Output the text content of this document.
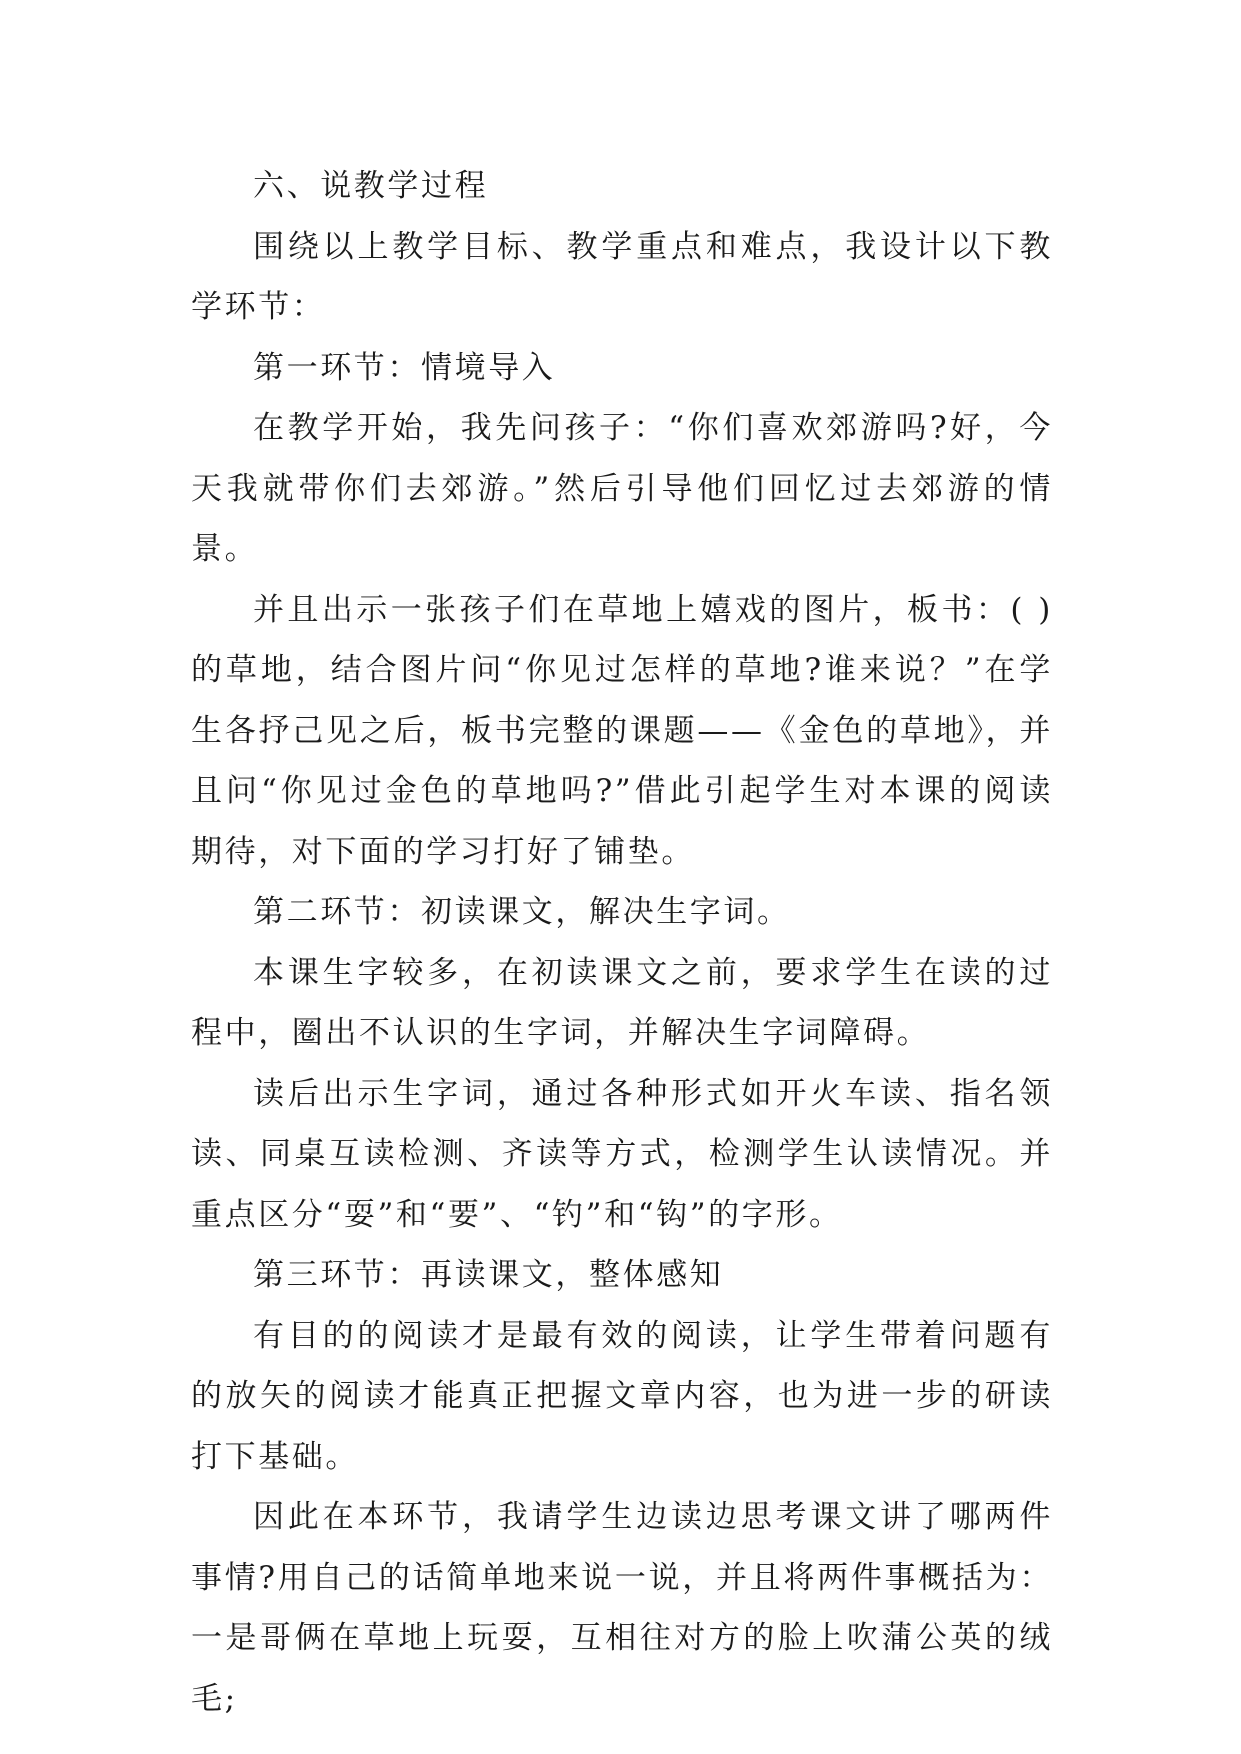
六、说教学过程

围绕以上教学目标、教学重点和难点，我设计以下教学环节：

第一环节：情境导入

在教学开始，我先问孩子：“你们喜欢郊游吗?好，今天我就带你们去郊游。”然后引导他们回忆过去郊游的情景。

并且出示一张孩子们在草地上嬉戏的图片，板书：( )的草地，结合图片问“你见过怎样的草地?谁来说？”在学生各抒己见之后，板书完整的课题——《金色的草地》，并且问“你见过金色的草地吗?”借此引起学生对本课的阅读期待，对下面的学习打好了铺垫。

第二环节：初读课文，解决生字词。

本课生字较多，在初读课文之前，要求学生在读的过程中，圈出不认识的生字词，并解决生字词障碍。

读后出示生字词，通过各种形式如开火车读、指名领读、同桌互读检测、齐读等方式，检测学生认读情况。并重点区分“耍”和“要”、“钓”和“钩”的字形。

第三环节：再读课文，整体感知

有目的的阅读才是最有效的阅读，让学生带着问题有的放矢的阅读才能真正把握文章内容，也为进一步的研读打下基础。

因此在本环节，我请学生边读边思考课文讲了哪两件事情?用自己的话简单地来说一说，并且将两件事概括为：一是哥俩在草地上玩耍，互相往对方的脸上吹蒲公英的绒毛;
